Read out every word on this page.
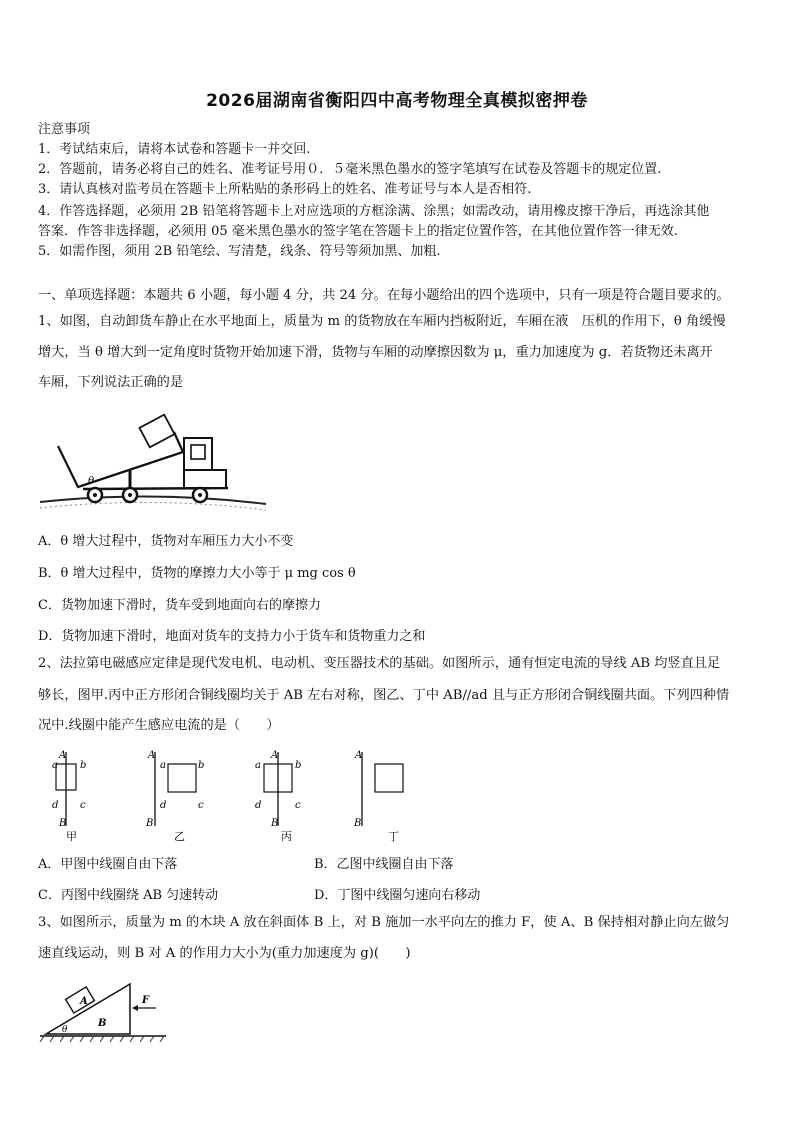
2026届湖南省衡阳四中高考物理全真模拟密押卷
注意事项
1．考试结束后，请将本试卷和答题卡一并交回.
2．答题前，请务必将自己的姓名、准考证号用０．５毫米黑色墨水的签字笔填写在试卷及答题卡的规定位置.
3．请认真核对监考员在答题卡上所粘贴的条形码上的姓名、准考证号与本人是否相符.
4．作答选择题，必须用 2B 铅笔将答题卡上对应选项的方框涂满、涂黑；如需改动，请用橡皮擦干净后，再选涂其他
答案．作答非选择题，必须用 05 毫米黑色墨水的签字笔在答题卡上的指定位置作答，在其他位置作答一律无效.
5．如需作图，须用 2B 铅笔绘、写清楚，线条、符号等须加黑、加粗.
一、单项选择题：本题共 6 小题，每小题 4 分，共 24 分。在每小题给出的四个选项中，只有一项是符合题目要求的。
1、如图，自动卸货车静止在水平地面上，质量为 m 的货物放在车厢内挡板附近，车厢在液　压机的作用下，θ 角缓慢
增大，当 θ 增大到一定角度时货物开始加速下滑，货物与车厢的动摩擦因数为 μ，重力加速度为 g．若货物还未离开
车厢，下列说法正确的是
θ
A．θ 增大过程中，货物对车厢压力大小不变
B．θ 增大过程中，货物的摩擦力大小等于 μ mg cos θ
C．货物加速下滑时，货车受到地面向右的摩擦力
D．货物加速下滑时，地面对货车的支持力小于货车和货物重力之和
2、法拉第电磁感应定律是现代发电机、电动机、变压器技术的基础。如图所示，通有恒定电流的导线 AB 均竖直且足
够长，图甲.丙中正方形闭合铜线圈均关于 AB 左右对称，图乙、丁中 AB//ad 且与正方形闭合铜线圈共面。下列四种情
况中.线圈中能产生感应电流的是（　　）
A
a b
d c
B
甲
A
a	b
d	c
B
乙
A
a	b
d	c
B
丙
A
B
丁
A．甲图中线圈自由下落	B．乙图中线圈自由下落
C．丙图中线圈绕 AB 匀速转动	D．丁图中线圈匀速向右移动
3、如图所示，质量为 m 的木块 A 放在斜面体 B 上，对 B 施加一水平向左的推力 F，使 A、B 保持相对静止向左做匀
速直线运动，则 B 对 A 的作用力大小为(重力加速度为 g)(　　)
A
B
F
θ
